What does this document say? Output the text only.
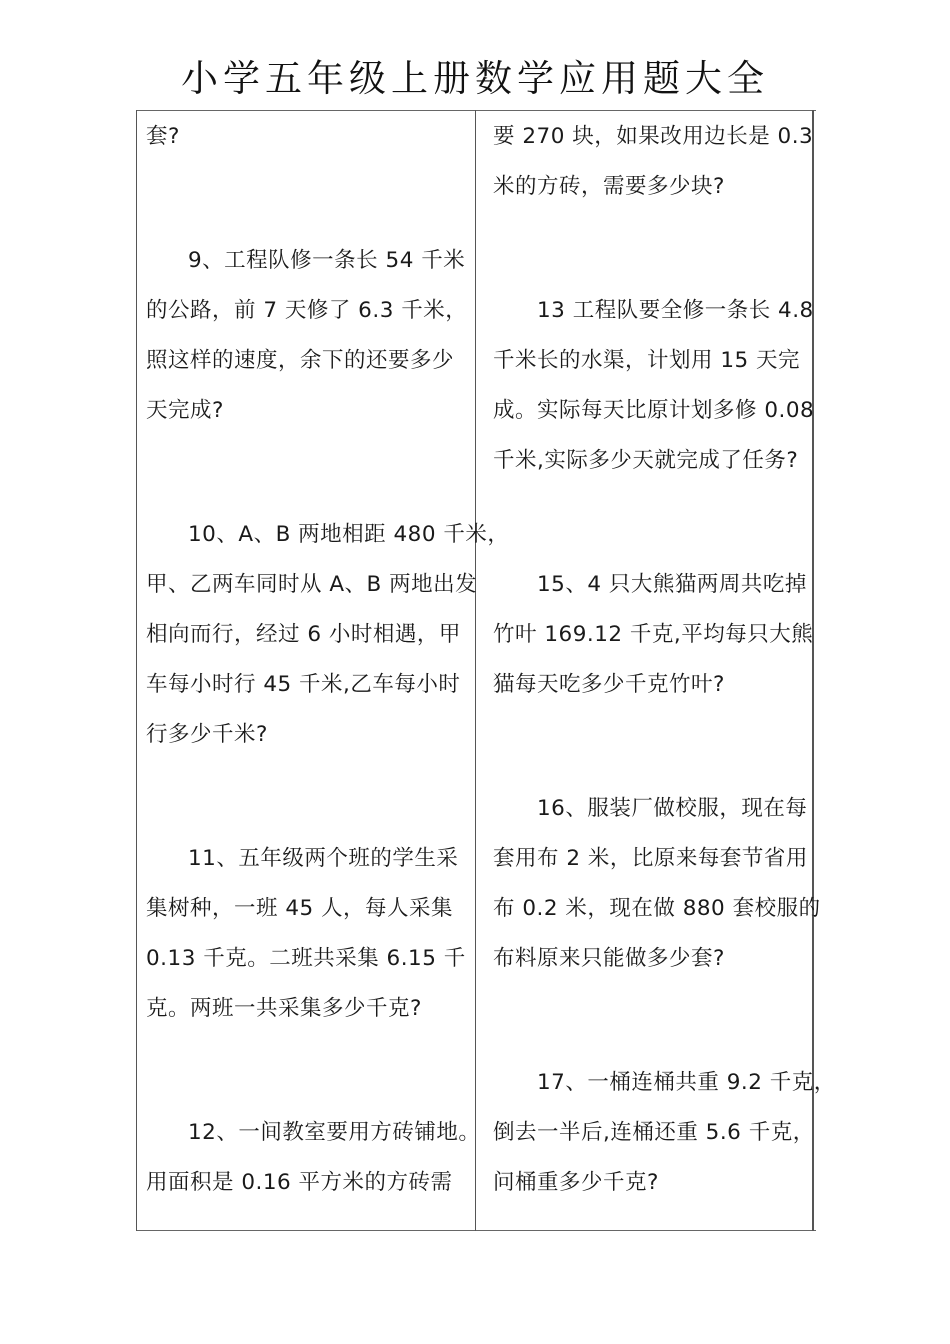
小学五年级上册数学应用题大全
套?
9、工程队修一条长 54 千米
的公路，前 7 天修了 6.3 千米，
照这样的速度，余下的还要多少
天完成?
10、A、B 两地相距 480 千米，
甲、乙两车同时从 A、B 两地出发
相向而行，经过 6 小时相遇，甲
车每小时行 45 千米,乙车每小时
行多少千米?
11、五年级两个班的学生采
集树种，一班 45 人，每人采集
0.13 千克。二班共采集 6.15 千
克。两班一共采集多少千克?
12、一间教室要用方砖铺地。
用面积是 0.16 平方米的方砖需
要 270 块，如果改用边长是 0.3
米的方砖，需要多少块?
13 工程队要全修一条长 4.8
千米长的水渠，计划用 15 天完
成。实际每天比原计划多修 0.08
千米,实际多少天就完成了任务?
15、4 只大熊猫两周共吃掉
竹叶 169.12 千克,平均每只大熊
猫每天吃多少千克竹叶?
16、服装厂做校服，现在每
套用布 2 米，比原来每套节省用
布 0.2 米，现在做 880 套校服的
布料原来只能做多少套?
17、一桶连桶共重 9.2 千克，
倒去一半后,连桶还重 5.6 千克，
问桶重多少千克?
